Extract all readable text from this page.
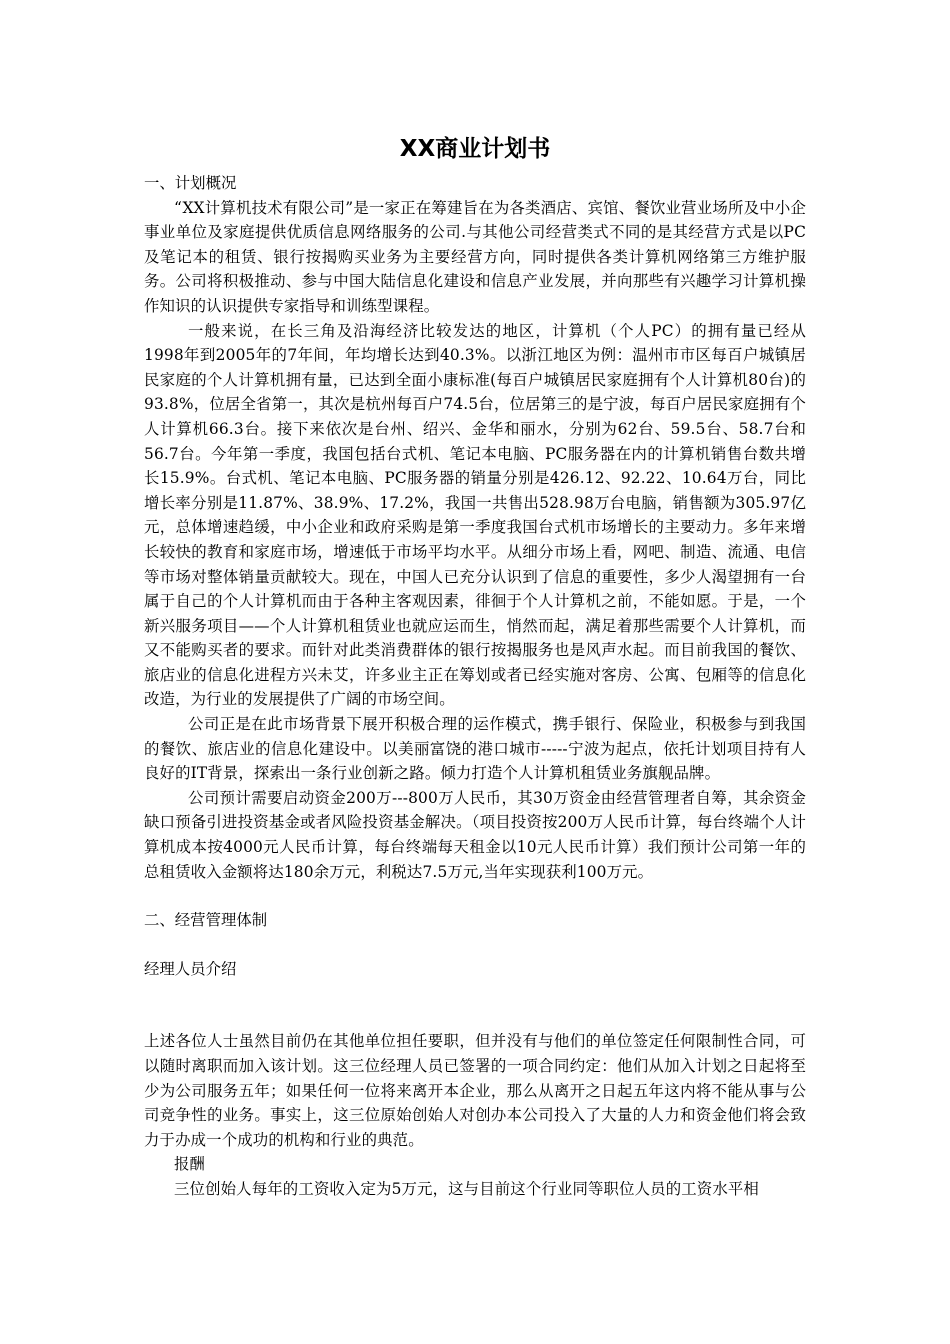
XX商业计划书

一、计划概况

“XX计算机技术有限公司”是一家正在筹建旨在为各类酒店、宾馆、餐饮业营业场所及中小企事业单位及家庭提供优质信息网络服务的公司.与其他公司经营类式不同的是其经营方式是以PC及笔记本的租赁、银行按揭购买业务为主要经营方向，同时提供各类计算机网络第三方维护服务。公司将积极推动、参与中国大陆信息化建设和信息产业发展，并向那些有兴趣学习计算机操作知识的认识提供专家指导和训练型课程。

一般来说，在长三角及沿海经济比较发达的地区，计算机（个人PC）的拥有量已经从1998年到2005年的7年间，年均增长达到40.3%。以浙江地区为例：温州市市区每百户城镇居民家庭的个人计算机拥有量，已达到全面小康标准(每百户城镇居民家庭拥有个人计算机80台)的93.8%，位居全省第一，其次是杭州每百户74.5台，位居第三的是宁波，每百户居民家庭拥有个人计算机66.3台。接下来依次是台州、绍兴、金华和丽水，分别为62台、59.5台、58.7台和56.7台。今年第一季度，我国包括台式机、笔记本电脑、PC服务器在内的计算机销售台数共增长15.9%。台式机、笔记本电脑、PC服务器的销量分别是426.12、92.22、10.64万台，同比增长率分别是11.87%、38.9%、17.2%，我国一共售出528.98万台电脑，销售额为305.97亿元，总体增速趋缓，中小企业和政府采购是第一季度我国台式机市场增长的主要动力。多年来增长较快的教育和家庭市场，增速低于市场平均水平。从细分市场上看，网吧、制造、流通、电信等市场对整体销量贡献较大。现在，中国人已充分认识到了信息的重要性，多少人渴望拥有一台属于自己的个人计算机而由于各种主客观因素，徘徊于个人计算机之前，不能如愿。于是，一个新兴服务项目——个人计算机租赁业也就应运而生，悄然而起，满足着那些需要个人计算机，而又不能购买者的要求。而针对此类消费群体的银行按揭服务也是风声水起。而目前我国的餐饮、旅店业的信息化进程方兴未艾，许多业主正在筹划或者已经实施对客房、公寓、包厢等的信息化改造，为行业的发展提供了广阔的市场空间。

公司正是在此市场背景下展开积极合理的运作模式，携手银行、保险业，积极参与到我国的餐饮、旅店业的信息化建设中。以美丽富饶的港口城市-----宁波为起点，依托计划项目持有人良好的IT背景，探索出一条行业创新之路。倾力打造个人计算机租赁业务旗舰品牌。

公司预计需要启动资金200万---800万人民币，其30万资金由经营管理者自筹，其余资金缺口预备引进投资基金或者风险投资基金解决。（项目投资按200万人民币计算，每台终端个人计算机成本按4000元人民币计算，每台终端每天租金以10元人民币计算）我们预计公司第一年的总租赁收入金额将达180余万元，利税达7.5万元,当年实现获利100万元。

二、经营管理体制

经理人员介绍

上述各位人士虽然目前仍在其他单位担任要职，但并没有与他们的单位签定任何限制性合同，可以随时离职而加入该计划。这三位经理人员已签署的一项合同约定：他们从加入计划之日起将至少为公司服务五年；如果任何一位将来离开本企业，那么从离开之日起五年这内将不能从事与公司竞争性的业务。事实上，这三位原始创始人对创办本公司投入了大量的人力和资金他们将会致力于办成一个成功的机构和行业的典范。

报酬

三位创始人每年的工资收入定为5万元，这与目前这个行业同等职位人员的工资水平相
